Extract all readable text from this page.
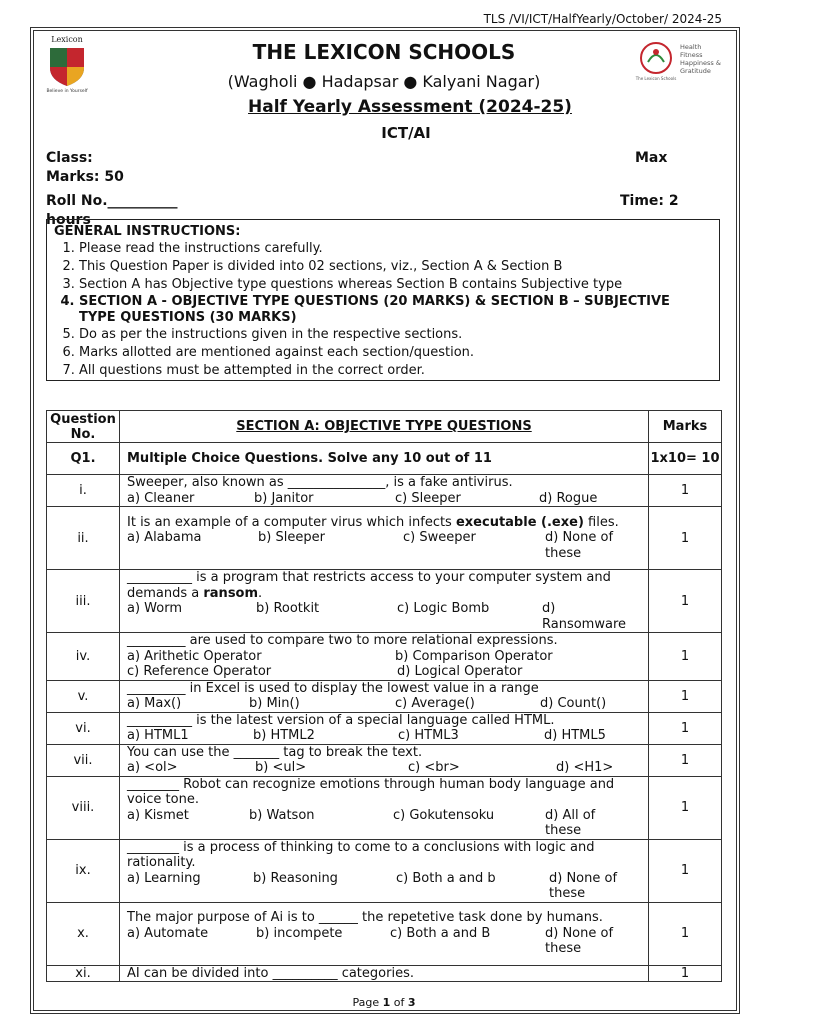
TLS /VI/ICT/HalfYearly/October/ 2024-25
Lexicon
Believe in Yourself
The Lexicon Schools
Health
Fitness
Happiness &
Gratitude
THE LEXICON SCHOOLS
(Wagholi ● Hadapsar ● Kalyani Nagar)
Half Yearly Assessment (2024-25)
ICT/AI
Class:	Max
Marks: 50
Roll No.__________	Time: 2
hours
GENERAL INSTRUCTIONS:
1. Please read the instructions carefully.
2. This Question Paper is divided into 02 sections, viz., Section A & Section B
3. Section A has Objective type questions whereas Section B contains Subjective type
4. SECTION A - OBJECTIVE TYPE QUESTIONS (20 MARKS) & SECTION B – SUBJECTIVE TYPE QUESTIONS (30 MARKS)
5. Do as per the instructions given in the respective sections.
6. Marks allotted are mentioned against each section/question.
7. All questions must be attempted in the correct order.
Question No.	SECTION A: OBJECTIVE TYPE QUESTIONS	Marks
Q1.	Multiple Choice Questions. Solve any 10 out of 11	1x10= 10
i.	Sweeper, also known as _______________, is a fake antivirus.
a) Cleaner b) Janitor c) Sleeper d) Rogue	1
ii.	It is an example of a computer virus which infects executable (.exe) files.
a) Alabama b) Sleeper c) Sweeper d) None of these	1
iii.	__________ is a program that restricts access to your computer system and demands a ransom.
a) Worm b) Rootkit c) Logic Bomb d) Ransomware	1
iv.	_________ are used to compare two to more relational expressions.
a) Arithetic Operator b) Comparison Operator
c) Reference Operator d) Logical Operator	1
v.	_________ in Excel is used to display the lowest value in a range
a) Max() b) Min() c) Average() d) Count()	1
vi.	__________ is the latest version of a special language called HTML.
a) HTML1 b) HTML2 c) HTML3 d) HTML5	1
vii.	You can use the _______ tag to break the text.
a) <ol> b) <ul> c) <br> d) <H1>	1
viii.	________ Robot can recognize emotions through human body language and voice tone.
a) Kismet b) Watson c) Gokutensoku d) All of these	1
ix.	________ is a process of thinking to come to a conclusions with logic and rationality.
a) Learning b) Reasoning c) Both a and b d) None of these	1
x.	The major purpose of Ai is to ______ the repetetive task done by humans.
a) Automate b) incompete c) Both a and B d) None of these	1
xi.	AI can be divided into __________ categories.	1
Page 1 of 3
